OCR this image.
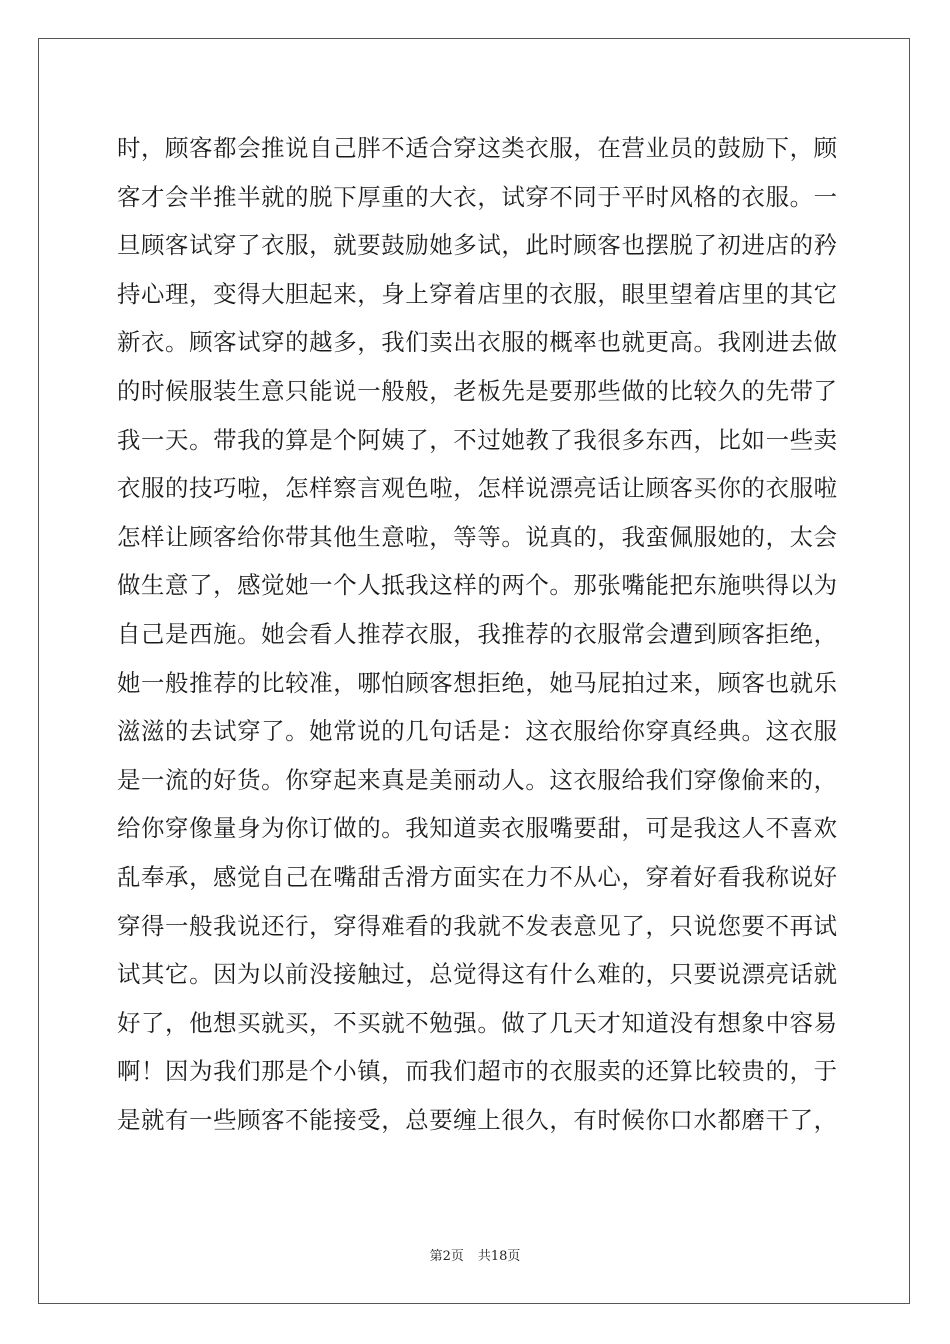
时，顾客都会推说自己胖不适合穿这类衣服，在营业员的鼓励下，顾
客才会半推半就的脱下厚重的大衣，试穿不同于平时风格的衣服。一
旦顾客试穿了衣服，就要鼓励她多试，此时顾客也摆脱了初进店的矜
持心理，变得大胆起来，身上穿着店里的衣服，眼里望着店里的其它
新衣。顾客试穿的越多，我们卖出衣服的概率也就更高。我刚进去做
的时候服装生意只能说一般般，老板先是要那些做的比较久的先带了
我一天。带我的算是个阿姨了，不过她教了我很多东西，比如一些卖
衣服的技巧啦，怎样察言观色啦，怎样说漂亮话让顾客买你的衣服啦
怎样让顾客给你带其他生意啦，等等。说真的，我蛮佩服她的，太会
做生意了，感觉她一个人抵我这样的两个。那张嘴能把东施哄得以为
自己是西施。她会看人推荐衣服，我推荐的衣服常会遭到顾客拒绝，
她一般推荐的比较准，哪怕顾客想拒绝，她马屁拍过来，顾客也就乐
滋滋的去试穿了。她常说的几句话是：这衣服给你穿真经典。这衣服
是一流的好货。你穿起来真是美丽动人。这衣服给我们穿像偷来的，
给你穿像量身为你订做的。我知道卖衣服嘴要甜，可是我这人不喜欢
乱奉承，感觉自己在嘴甜舌滑方面实在力不从心，穿着好看我称说好
穿得一般我说还行，穿得难看的我就不发表意见了，只说您要不再试
试其它。因为以前没接触过，总觉得这有什么难的，只要说漂亮话就
好了，他想买就买，不买就不勉强。做了几天才知道没有想象中容易
啊！因为我们那是个小镇，而我们超市的衣服卖的还算比较贵的，于
是就有一些顾客不能接受，总要缠上很久，有时候你口水都磨干了，
第2页 共18页
